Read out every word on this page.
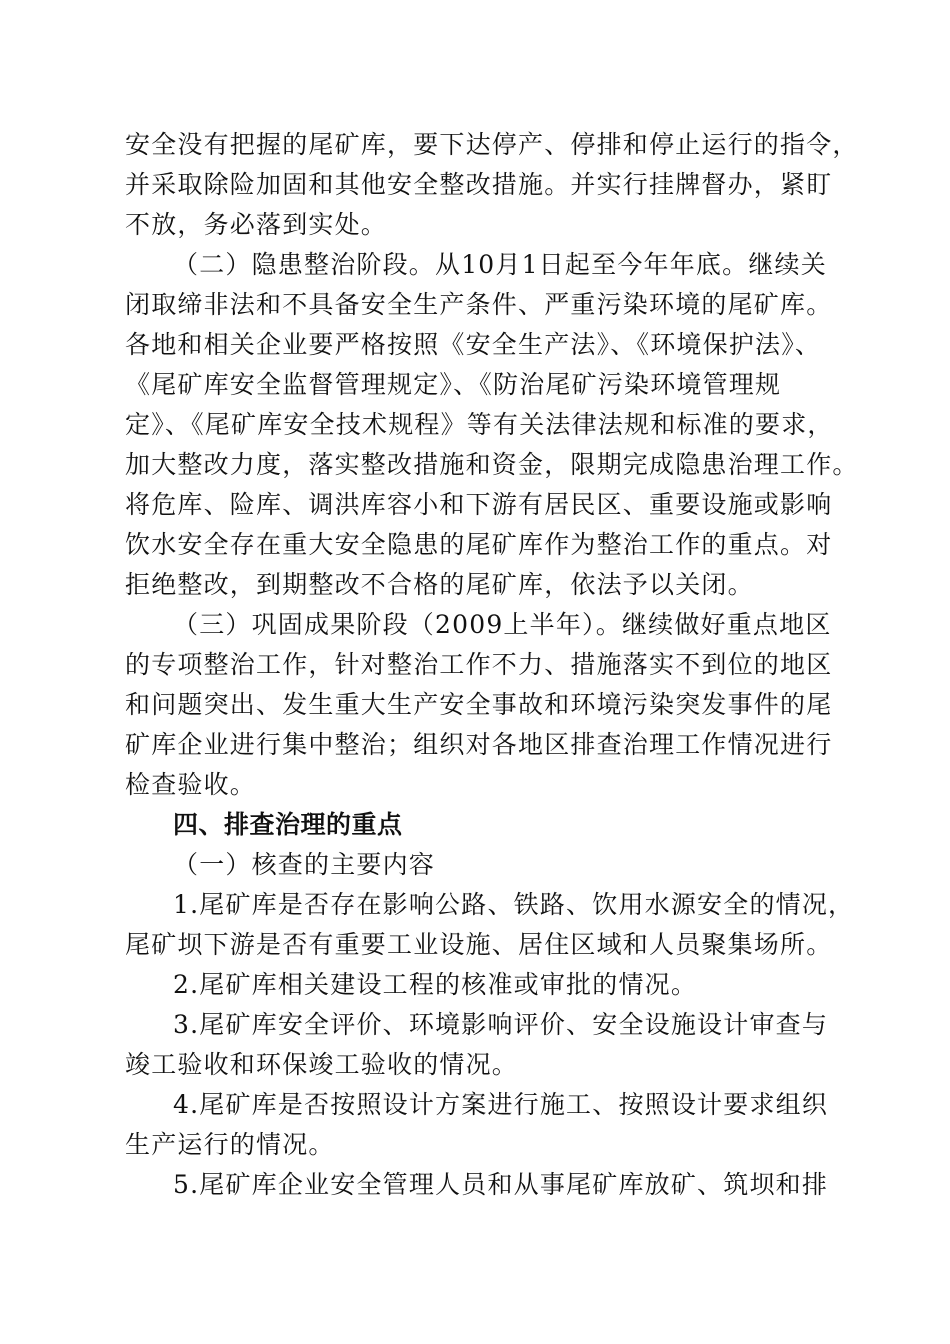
安全没有把握的尾矿库，要下达停产、停排和停止运行的指令，
并采取除险加固和其他安全整改措施。并实行挂牌督办，紧盯
不放，务必落到实处。
（二）隐患整治阶段。从10月1日起至今年年底。继续关
闭取缔非法和不具备安全生产条件、严重污染环境的尾矿库。
各地和相关企业要严格按照《安全生产法》、《环境保护法》、
《尾矿库安全监督管理规定》、《防治尾矿污染环境管理规
定》、《尾矿库安全技术规程》等有关法律法规和标准的要求，
加大整改力度，落实整改措施和资金，限期完成隐患治理工作。
将危库、险库、调洪库容小和下游有居民区、重要设施或影响
饮水安全存在重大安全隐患的尾矿库作为整治工作的重点。对
拒绝整改，到期整改不合格的尾矿库，依法予以关闭。
（三）巩固成果阶段（2009上半年）。继续做好重点地区
的专项整治工作，针对整治工作不力、措施落实不到位的地区
和问题突出、发生重大生产安全事故和环境污染突发事件的尾
矿库企业进行集中整治；组织对各地区排查治理工作情况进行
检查验收。
四、排查治理的重点
（一）核查的主要内容
1.尾矿库是否存在影响公路、铁路、饮用水源安全的情况，
尾矿坝下游是否有重要工业设施、居住区域和人员聚集场所。
2.尾矿库相关建设工程的核准或审批的情况。
3.尾矿库安全评价、环境影响评价、安全设施设计审查与
竣工验收和环保竣工验收的情况。
4.尾矿库是否按照设计方案进行施工、按照设计要求组织
生产运行的情况。
5.尾矿库企业安全管理人员和从事尾矿库放矿、筑坝和排
